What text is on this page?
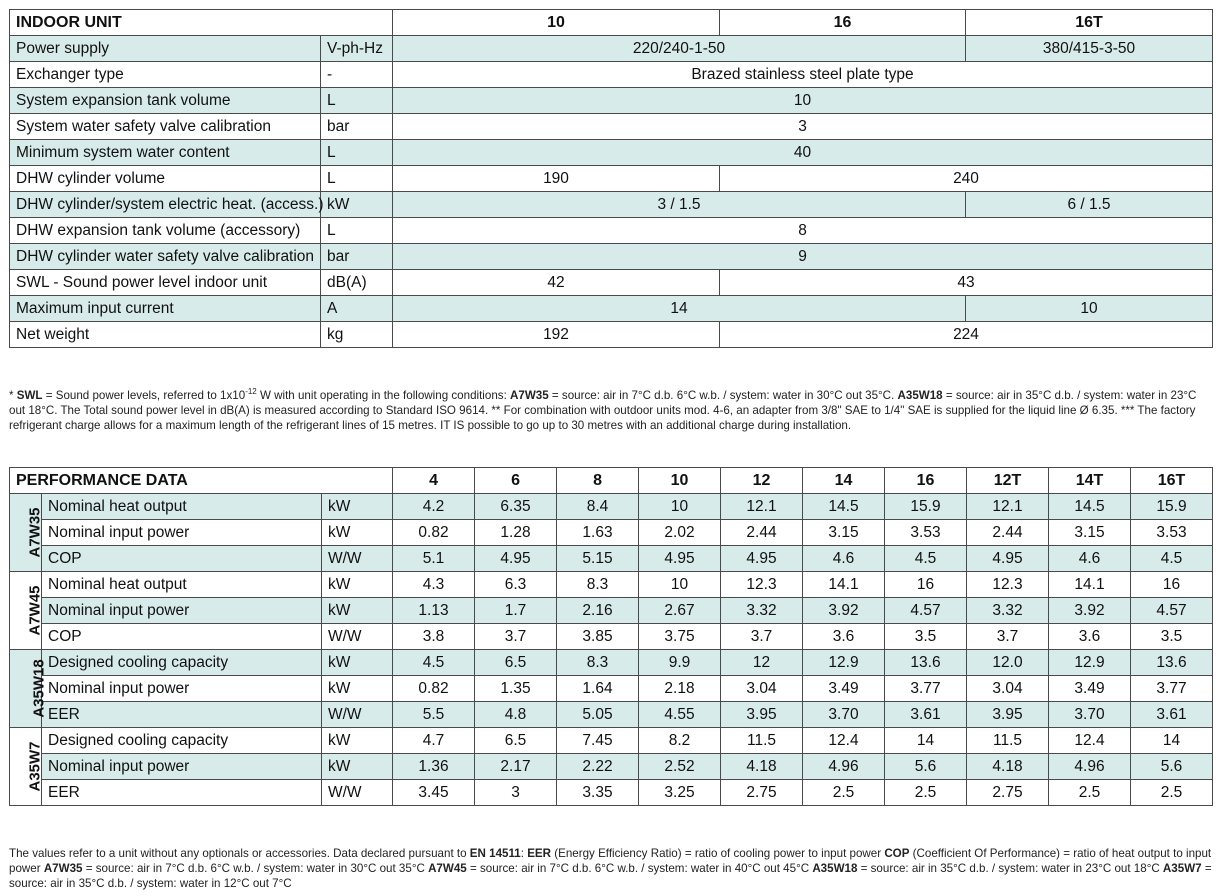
INDOOR UNIT		10	16	16T
Power supply	V-ph-Hz	220/240-1-50		380/415-3-50
Exchanger type	-	Brazed stainless steel plate type		
System expansion tank volume	L	10		
System water safety valve calibration	bar	3		
Minimum system water content	L	40		
DHW cylinder volume	L	190	240	
DHW cylinder/system electric heat. (access.)	kW	3 / 1.5		6 / 1.5
DHW expansion tank volume (accessory)	L	8		
DHW cylinder water safety valve calibration	bar	9		
SWL - Sound power level indoor unit	dB(A)	42	43	
Maximum input current	A	14		10
Net weight	kg	192	224	
* SWL = Sound power levels, referred to $1x10^{-12}$ W with unit operating in the following conditions: A7W35 = source: air in 7°C d.b. 6°C w.b. / system: water in 30°C out 35°C. A35W18 = source: air in 35°C d.b. / system: water in 23°C out 18°C. The Total sound power level in dB(A) is measured according to Standard ISO 9614. ** For combination with outdoor units mod. 4-6, an adapter from 3/8" SAE to 1/4" SAE is supplied for the liquid line Ø 6.35. *** The factory refrigerant charge allows for a maximum length of the refrigerant lines of 15 metres. IT IS possible to go up to 30 metres with an additional charge during installation.
PERFORMANCE DATA			4	6	8	10	12	14	16	12T	14T	16T
A7W35	Nominal heat output	kW	4.2	6.35	8.4	10	12.1	14.5	15.9	12.1	14.5	15.9
	Nominal input power	kW	0.82	1.28	1.63	2.02	2.44	3.15	3.53	2.44	3.15	3.53
	COP	W/W	5.1	4.95	5.15	4.95	4.95	4.6	4.5	4.95	4.6	4.5
A7W45	Nominal heat output	kW	4.3	6.3	8.3	10	12.3	14.1	16	12.3	14.1	16
	Nominal input power	kW	1.13	1.7	2.16	2.67	3.32	3.92	4.57	3.32	3.92	4.57
	COP	W/W	3.8	3.7	3.85	3.75	3.7	3.6	3.5	3.7	3.6	3.5
A35W18	Designed cooling capacity	kW	4.5	6.5	8.3	9.9	12	12.9	13.6	12.0	12.9	13.6
	Nominal input power	kW	0.82	1.35	1.64	2.18	3.04	3.49	3.77	3.04	3.49	3.77
	EER	W/W	5.5	4.8	5.05	4.55	3.95	3.70	3.61	3.95	3.70	3.61
A35W7	Designed cooling capacity	kW	4.7	6.5	7.45	8.2	11.5	12.4	14	11.5	12.4	14
	Nominal input power	kW	1.36	2.17	2.22	2.52	4.18	4.96	5.6	4.18	4.96	5.6
	EER	W/W	3.45	3	3.35	3.25	2.75	2.5	2.5	2.75	2.5	2.5
The values refer to a unit without any optionals or accessories. Data declared pursuant to EN 14511: EER (Energy Efficiency Ratio) = ratio of cooling power to input power COP (Coefficient Of Performance) = ratio of heat output to input power A7W35 = source: air in 7°C d.b. 6°C w.b. / system: water in 30°C out 35°C A7W45 = source: air in 7°C d.b. 6°C w.b. / system: water in 40°C out 45°C A35W18 = source: air in 35°C d.b. / system: water in 23°C out 18°C A35W7 = source: air in 35°C d.b. / system: water in 12°C out 7°C
